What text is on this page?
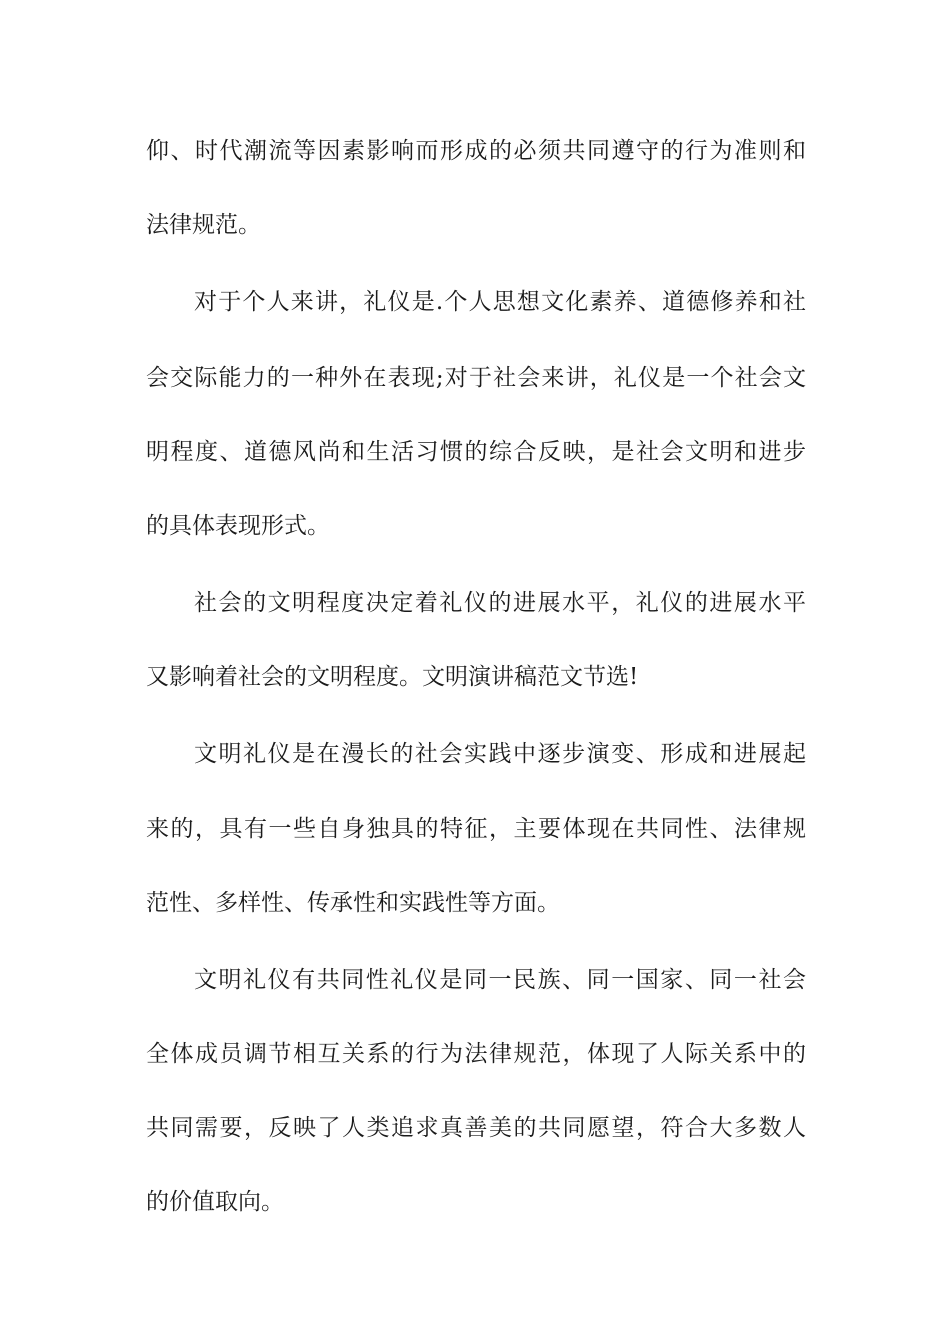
仰、时代潮流等因素影响而形成的必须共同遵守的行为准则和
法律规范。
对于个人来讲，礼仪是.个人思想文化素养、道德修养和社
会交际能力的一种外在表现;对于社会来讲，礼仪是一个社会文
明程度、道德风尚和生活习惯的综合反映，是社会文明和进步
的具体表现形式。
社会的文明程度决定着礼仪的进展水平，礼仪的进展水平
又影响着社会的文明程度。文明演讲稿范文节选!
文明礼仪是在漫长的社会实践中逐步演变、形成和进展起
来的，具有一些自身独具的特征，主要体现在共同性、法律规
范性、多样性、传承性和实践性等方面。
文明礼仪有共同性礼仪是同一民族、同一国家、同一社会
全体成员调节相互关系的行为法律规范，体现了人际关系中的
共同需要，反映了人类追求真善美的共同愿望，符合大多数人
的价值取向。
